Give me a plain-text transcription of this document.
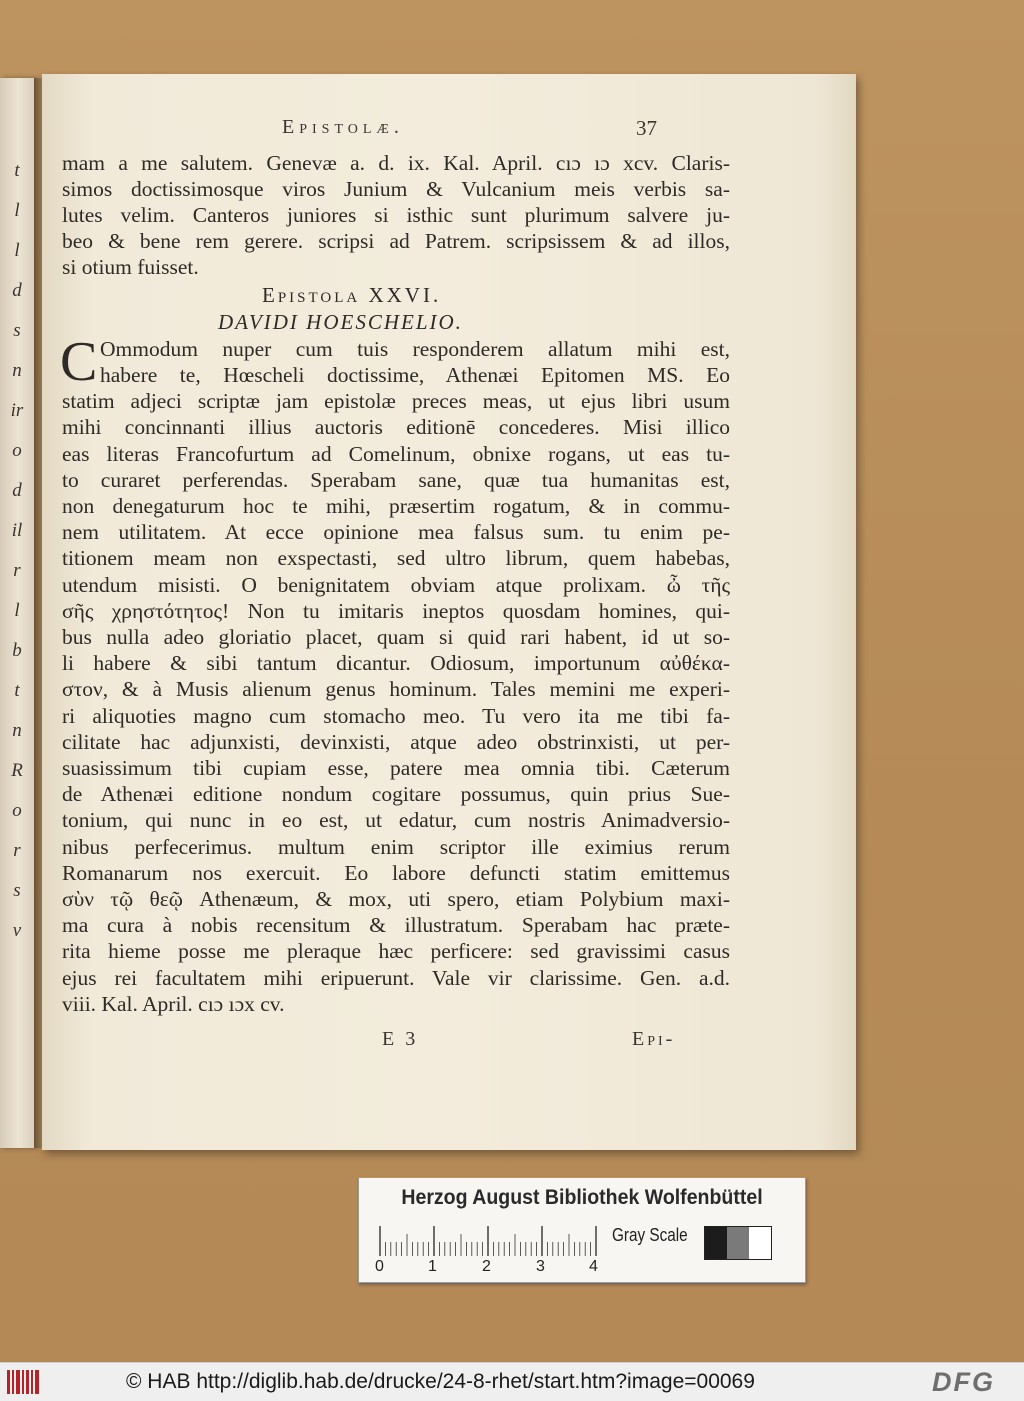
t
l
l
d
s
n
ir
o
d
il
r
l
b
t
n
R
o
r
s
v
Epistolæ.	37
mam a me salutem. Genevæ a. d. ix. Kal. April. cıɔ ıɔ xcv. Claris-
simos doctissimosque viros Junium & Vulcanium meis verbis sa-
lutes velim. Canteros juniores si isthic sunt plurimum salvere ju-
beo & bene rem gerere. scripsi ad Patrem. scripsissem & ad illos,
si otium fuisset.
Epistola XXVI.
DAVIDI HOESCHELIO.
C Ommodum nuper cum tuis responderem allatum mihi est,
E 3	Epi-
habere te, Hœscheli doctissime, Athenæi Epitomen MS. Eo
statim adjeci scriptæ jam epistolæ preces meas, ut ejus libri usum
mihi concinnanti illius auctoris editionē concederes. Misi illico
eas literas Francofurtum ad Comelinum, obnixe rogans, ut eas tu-
to curaret perferendas. Sperabam sane, quæ tua humanitas est,
non denegaturum hoc te mihi, præsertim rogatum, & in commu-
nem utilitatem. At ecce opinione mea falsus sum. tu enim pe-
titionem meam non exspectasti, sed ultro librum, quem habebas,
utendum misisti. O benignitatem obviam atque prolixam. ὦ τῆς
σῆς χρηστότητος! Non tu imitaris ineptos quosdam homines, qui-
bus nulla adeo gloriatio placet, quam si quid rari habent, id ut so-
li habere & sibi tantum dicantur. Odiosum, importunum αὐθέκα-
στον, & à Musis alienum genus hominum. Tales memini me experi-
ri aliquoties magno cum stomacho meo. Tu vero ita me tibi fa-
cilitate hac adjunxisti, devinxisti, atque adeo obstrinxisti, ut per-
suasissimum tibi cupiam esse, patere mea omnia tibi. Cæterum
de Athenæi editione nondum cogitare possumus, quin prius Sue-
tonium, qui nunc in eo est, ut edatur, cum nostris Animadversio-
nibus perfecerimus. multum enim scriptor ille eximius rerum
Romanarum nos exercuit. Eo labore defuncti statim emittemus
σὺν τῷ θεῷ Athenæum, & mox, uti spero, etiam Polybium maxi-
ma cura à nobis recensitum & illustratum. Sperabam hac præte-
rita hieme posse me pleraque hæc perficere: sed gravissimi casus
ejus rei facultatem mihi eripuerunt. Vale vir clarissime. Gen. a.d.
viii. Kal. April. cıɔ ıɔx cv.
Herzog August Bibliothek Wolfenbüttel
0	1	2	3	4
Gray Scale
© HAB http://diglib.hab.de/drucke/24-8-rhet/start.htm?image=00069	DFG
